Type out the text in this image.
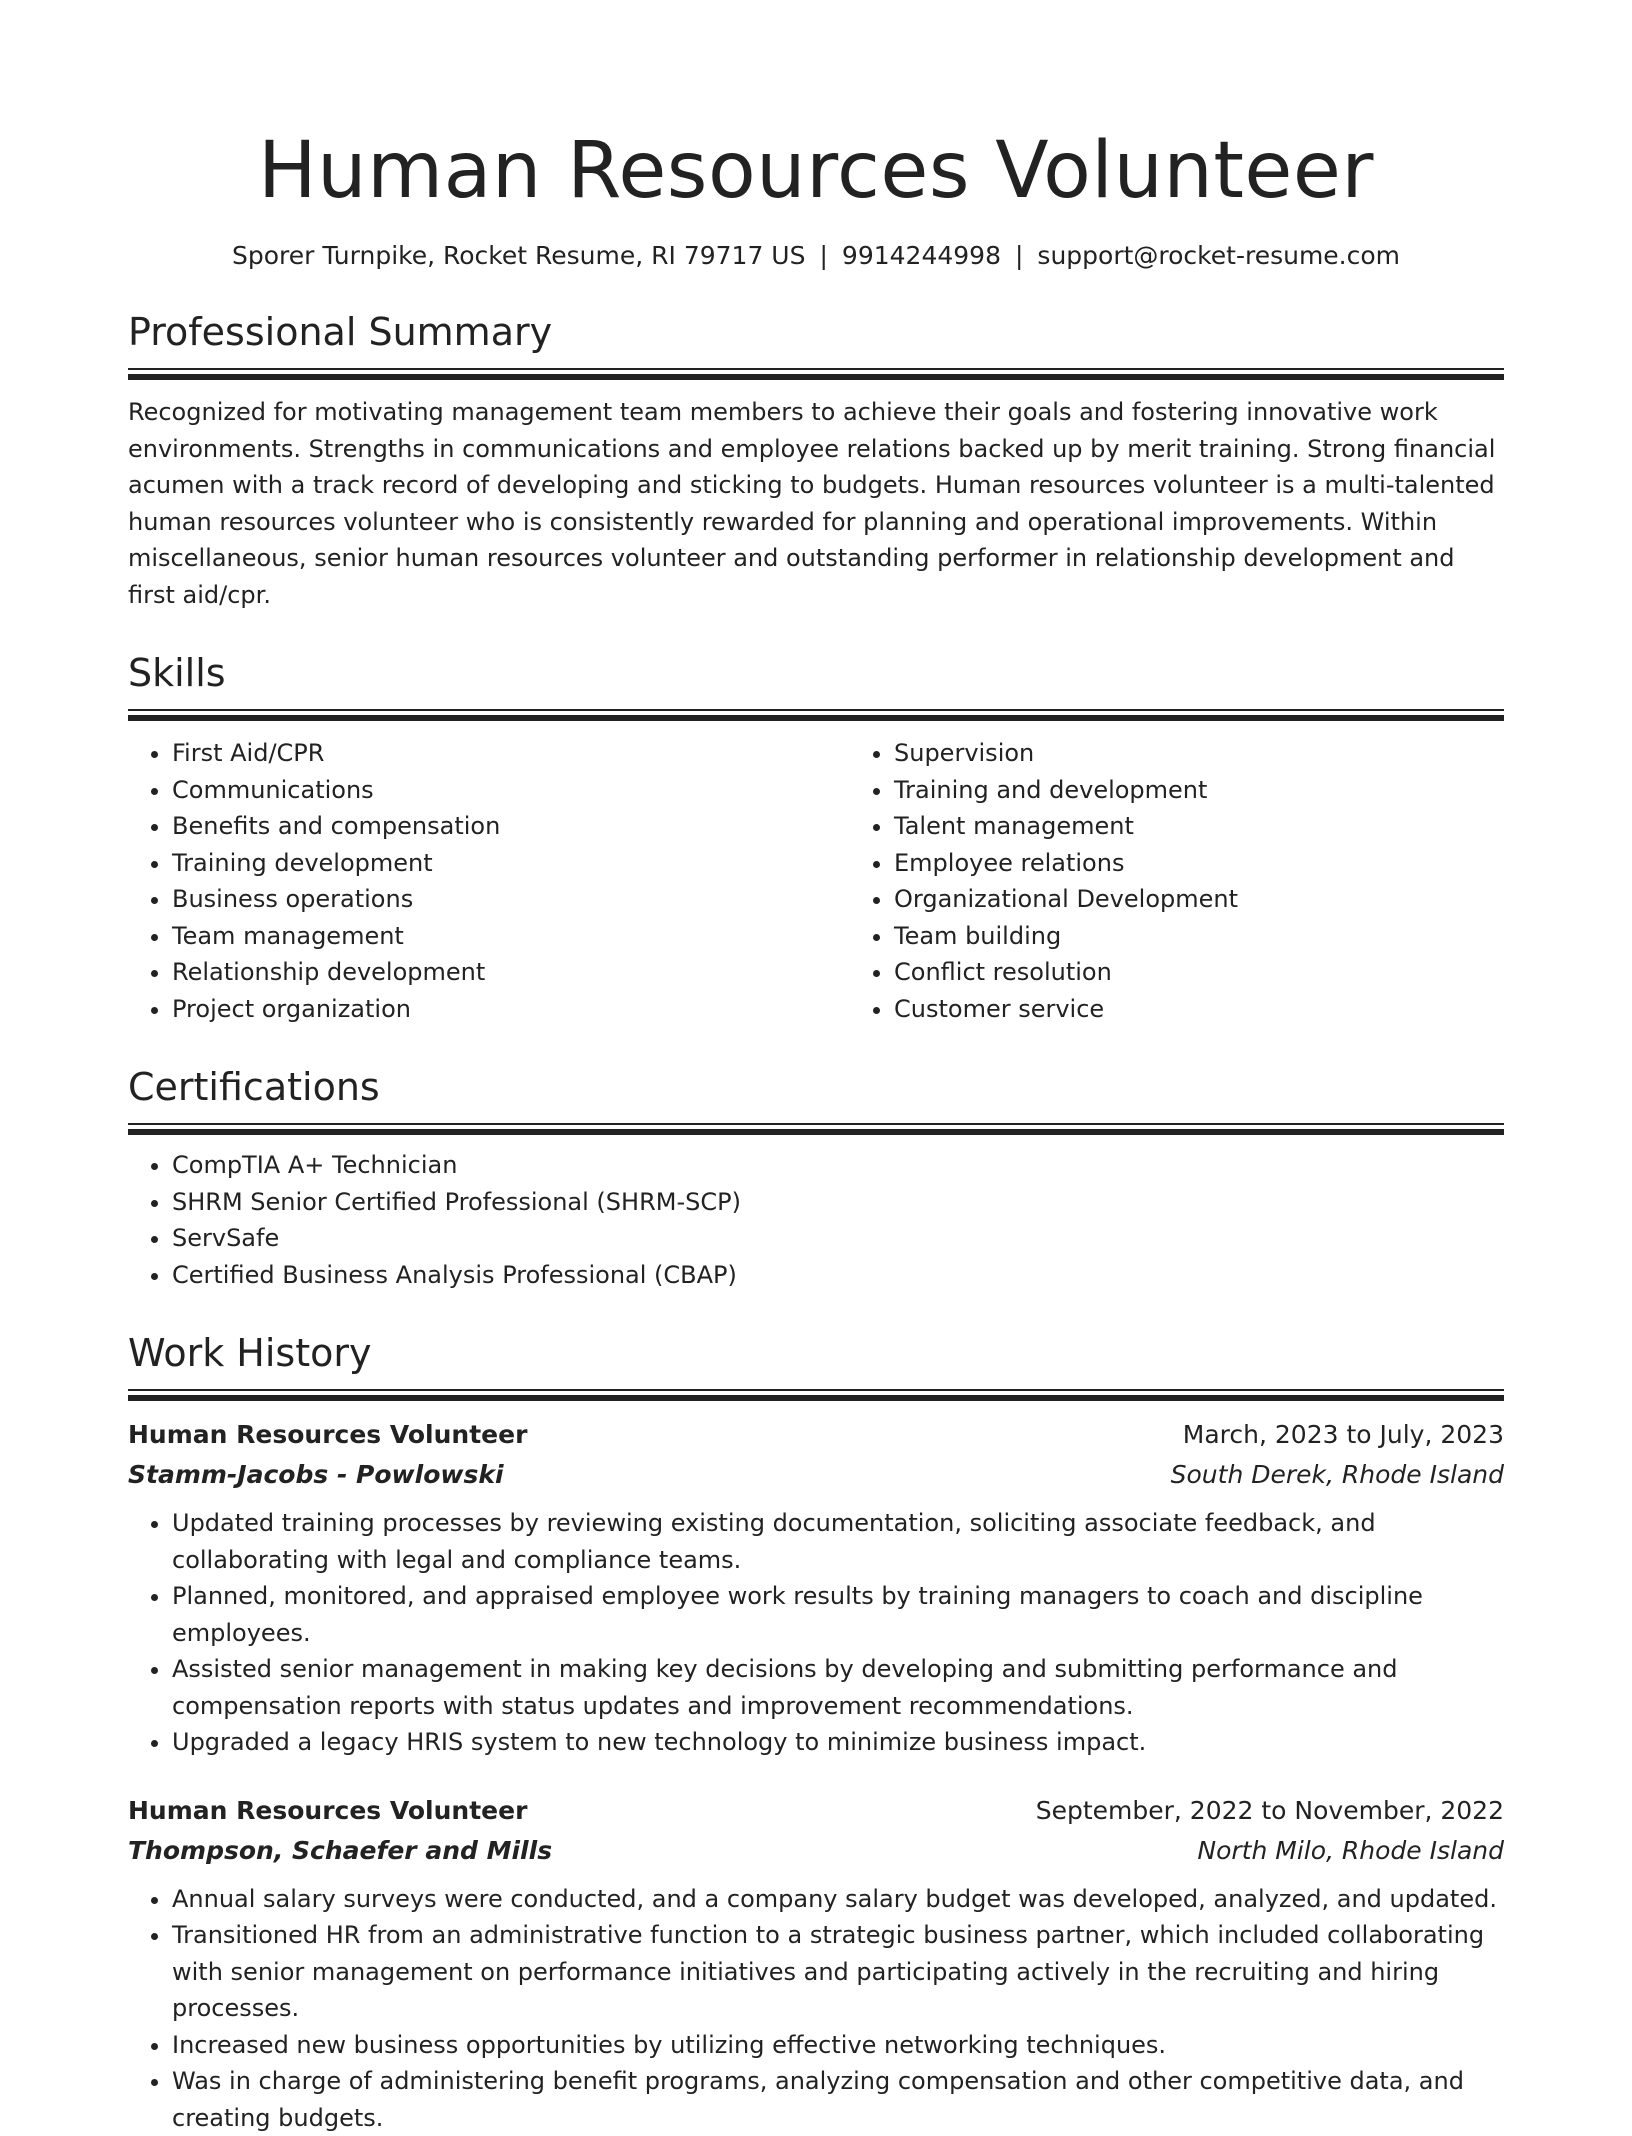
Human Resources Volunteer
Sporer Turnpike, Rocket Resume, RI 79717 US | 9914244998 | support@rocket-resume.com
Professional Summary

Recognized for motivating management team members to achieve their goals and fostering innovative work environments. Strengths in communications and employee relations backed up by merit training. Strong financial acumen with a track record of developing and sticking to budgets. Human resources volunteer is a multi-talented human resources volunteer who is consistently rewarded for planning and operational improvements. Within miscellaneous, senior human resources volunteer and outstanding performer in relationship development and first aid/cpr.

Skills
• First Aid/CPR
• Communications
• Benefits and compensation
• Training development
• Business operations
• Team management
• Relationship development
• Project organization
• Supervision
• Training and development
• Talent management
• Employee relations
• Organizational Development
• Team building
• Conflict resolution
• Customer service
Certifications
• CompTIA A+ Technician
• SHRM Senior Certified Professional (SHRM-SCP)
• ServSafe
• Certified Business Analysis Professional (CBAP)
Work History
Human Resources Volunteer	March, 2023 to July, 2023
Stamm-Jacobs - Powlowski	South Derek, Rhode Island
• Updated training processes by reviewing existing documentation, soliciting associate feedback, and collaborating with legal and compliance teams.
• Planned, monitored, and appraised employee work results by training managers to coach and discipline employees.
• Assisted senior management in making key decisions by developing and submitting performance and compensation reports with status updates and improvement recommendations.
• Upgraded a legacy HRIS system to new technology to minimize business impact.
Human Resources Volunteer	September, 2022 to November, 2022
Thompson, Schaefer and Mills	North Milo, Rhode Island
• Annual salary surveys were conducted, and a company salary budget was developed, analyzed, and updated.
• Transitioned HR from an administrative function to a strategic business partner, which included collaborating with senior management on performance initiatives and participating actively in the recruiting and hiring processes.
• Increased new business opportunities by utilizing effective networking techniques.
• Was in charge of administering benefit programs, analyzing compensation and other competitive data, and creating budgets.
